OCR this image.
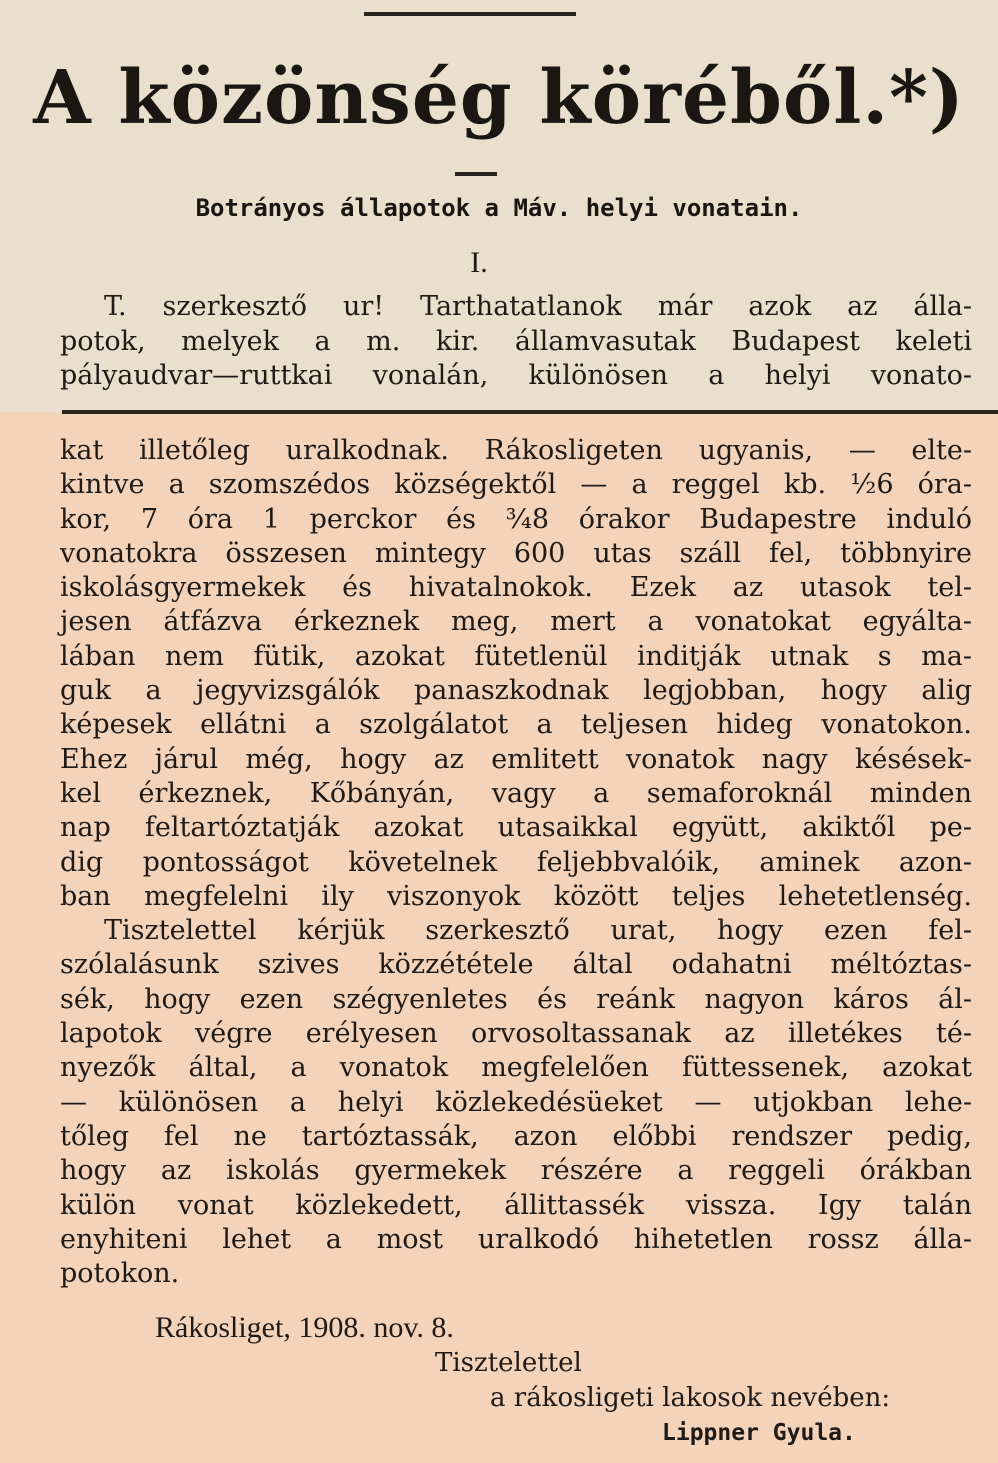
A közönség köréből.*)
Botrányos állapotok a Máv. helyi vonatain.
I.
T. szerkesztő ur! Tarthatatlanok már azok az álla-
potok, melyek a m. kir. államvasutak Budapest keleti
pályaudvar—ruttkai vonalán, különösen a helyi vonato-
kat illetőleg uralkodnak. Rákosligeten ugyanis, — elte-
kintve a szomszédos községektől — a reggel kb. ½6 óra-
kor, 7 óra 1 perckor és ¾8 órakor Budapestre induló
vonatokra összesen mintegy 600 utas száll fel, többnyire
iskolásgyermekek és hivatalnokok. Ezek az utasok tel-
jesen átfázva érkeznek meg, mert a vonatokat egyálta-
lában nem fütik, azokat fütetlenül inditják utnak s ma-
guk a jegyvizsgálók panaszkodnak legjobban, hogy alig
képesek ellátni a szolgálatot a teljesen hideg vonatokon.
Ehez járul még, hogy az emlitett vonatok nagy késések-
kel érkeznek, Kőbányán, vagy a semaforoknál minden
nap feltartóztatják azokat utasaikkal együtt, akiktől pe-
dig pontosságot követelnek feljebbvalóik, aminek azon-
ban megfelelni ily viszonyok között teljes lehetetlenség.
Tisztelettel kérjük szerkesztő urat, hogy ezen fel-
szólalásunk szives közzététele által odahatni méltóztas-
sék, hogy ezen szégyenletes és reánk nagyon káros ál-
lapotok végre erélyesen orvosoltassanak az illetékes té-
nyezők által, a vonatok megfelelően füttessenek, azokat
— különösen a helyi közlekedésüeket — utjokban lehe-
tőleg fel ne tartóztassák, azon előbbi rendszer pedig,
hogy az iskolás gyermekek részére a reggeli órákban
külön vonat közlekedett, állittassék vissza. Igy talán
enyhiteni lehet a most uralkodó hihetetlen rossz álla-
potokon.
Rákosliget, 1908. nov. 8.
Tisztelettel
a rákosligeti lakosok nevében:
Lippner Gyula.
